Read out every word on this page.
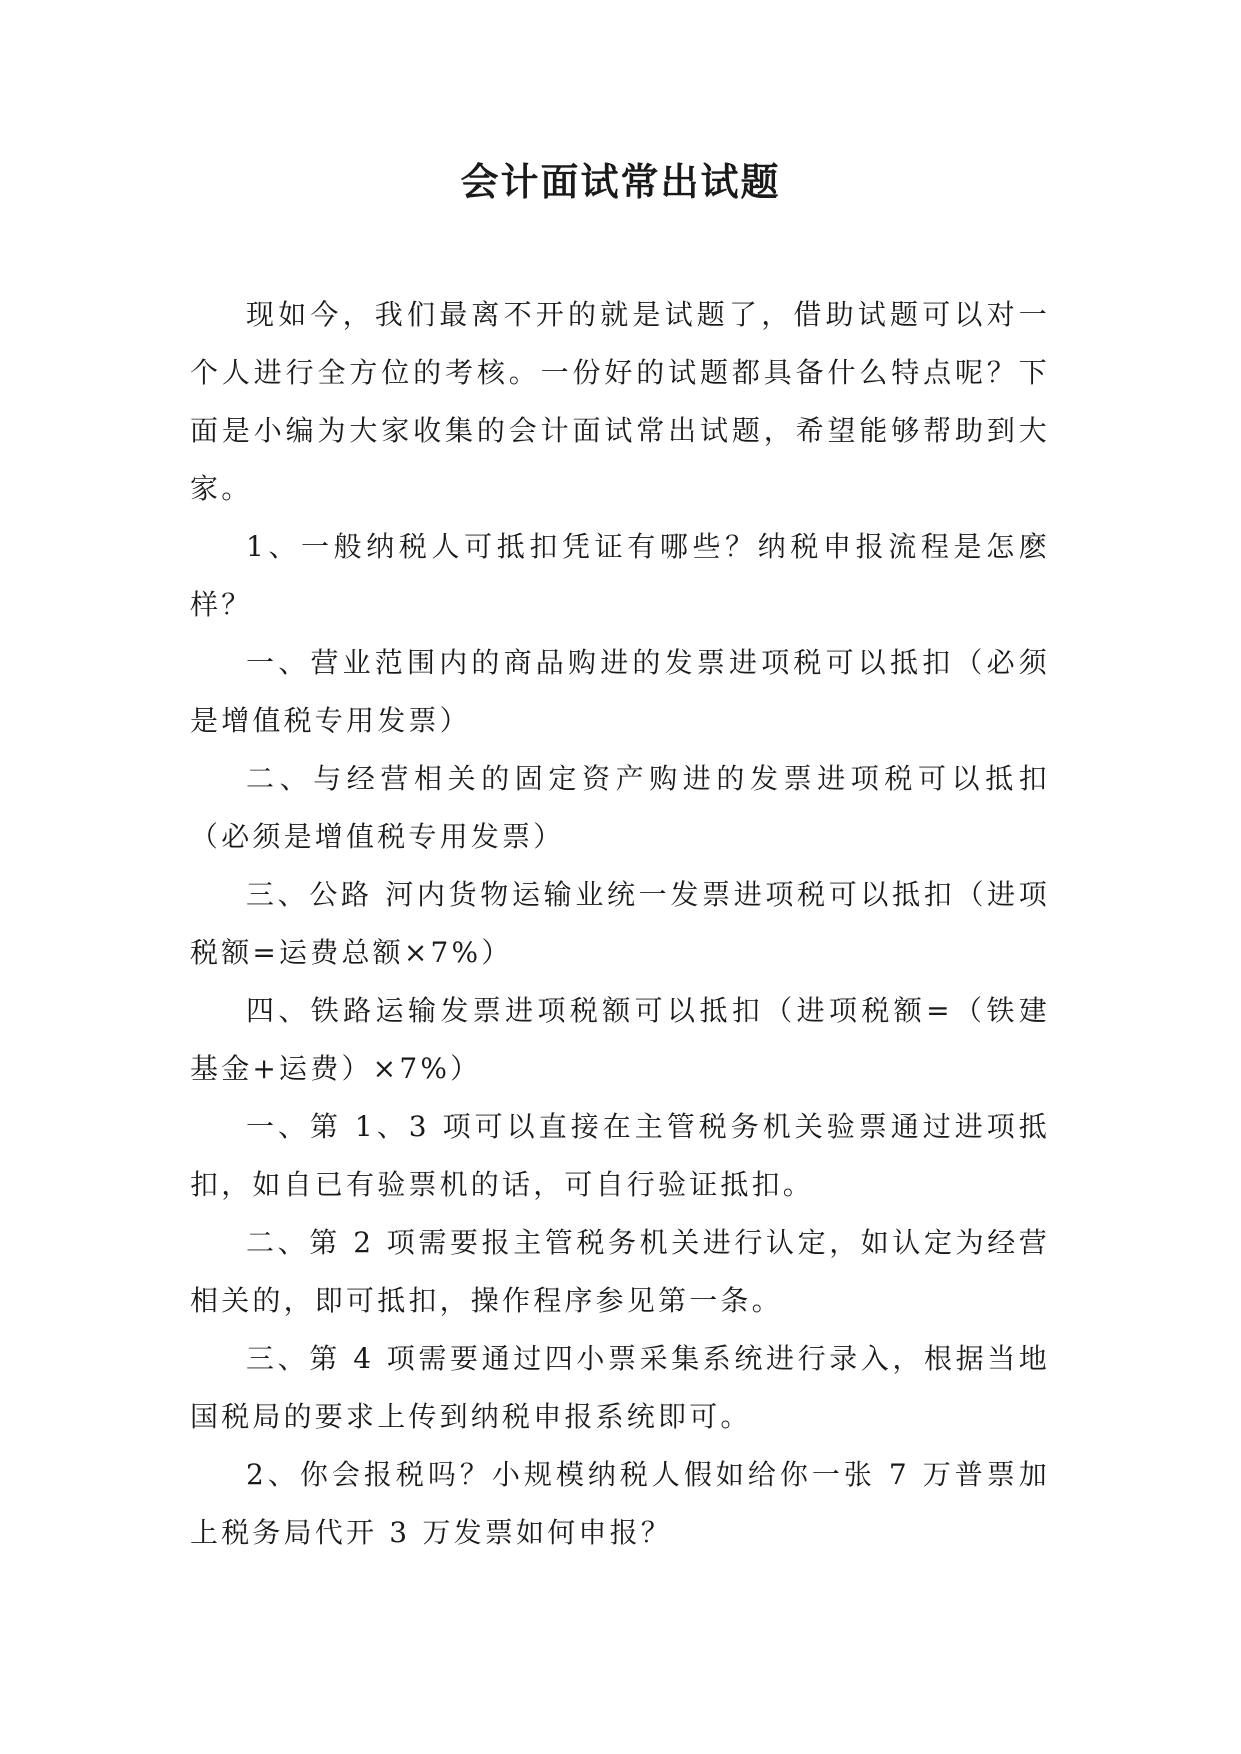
会计面试常出试题

现如今，我们最离不开的就是试题了，借助试题可以对一个人进行全方位的考核。一份好的试题都具备什么特点呢？下面是小编为大家收集的会计面试常出试题，希望能够帮助到大家。

1、一般纳税人可抵扣凭证有哪些？纳税申报流程是怎麽样？

一、营业范围内的商品购进的发票进项税可以抵扣（必须是增值税专用发票）

二、与经营相关的固定资产购进的发票进项税可以抵扣（必须是增值税专用发票）

三、公路 河内货物运输业统一发票进项税可以抵扣（进项税额=运费总额×7%）

四、铁路运输发票进项税额可以抵扣（进项税额=（铁建基金+运费）×7%）

一、第 1、3 项可以直接在主管税务机关验票通过进项抵扣，如自已有验票机的话，可自行验证抵扣。

二、第 2 项需要报主管税务机关进行认定，如认定为经营相关的，即可抵扣，操作程序参见第一条。

三、第 4 项需要通过四小票采集系统进行录入，根据当地国税局的要求上传到纳税申报系统即可。

2、你会报税吗？小规模纳税人假如给你一张 7 万普票加上税务局代开 3 万发票如何申报？
